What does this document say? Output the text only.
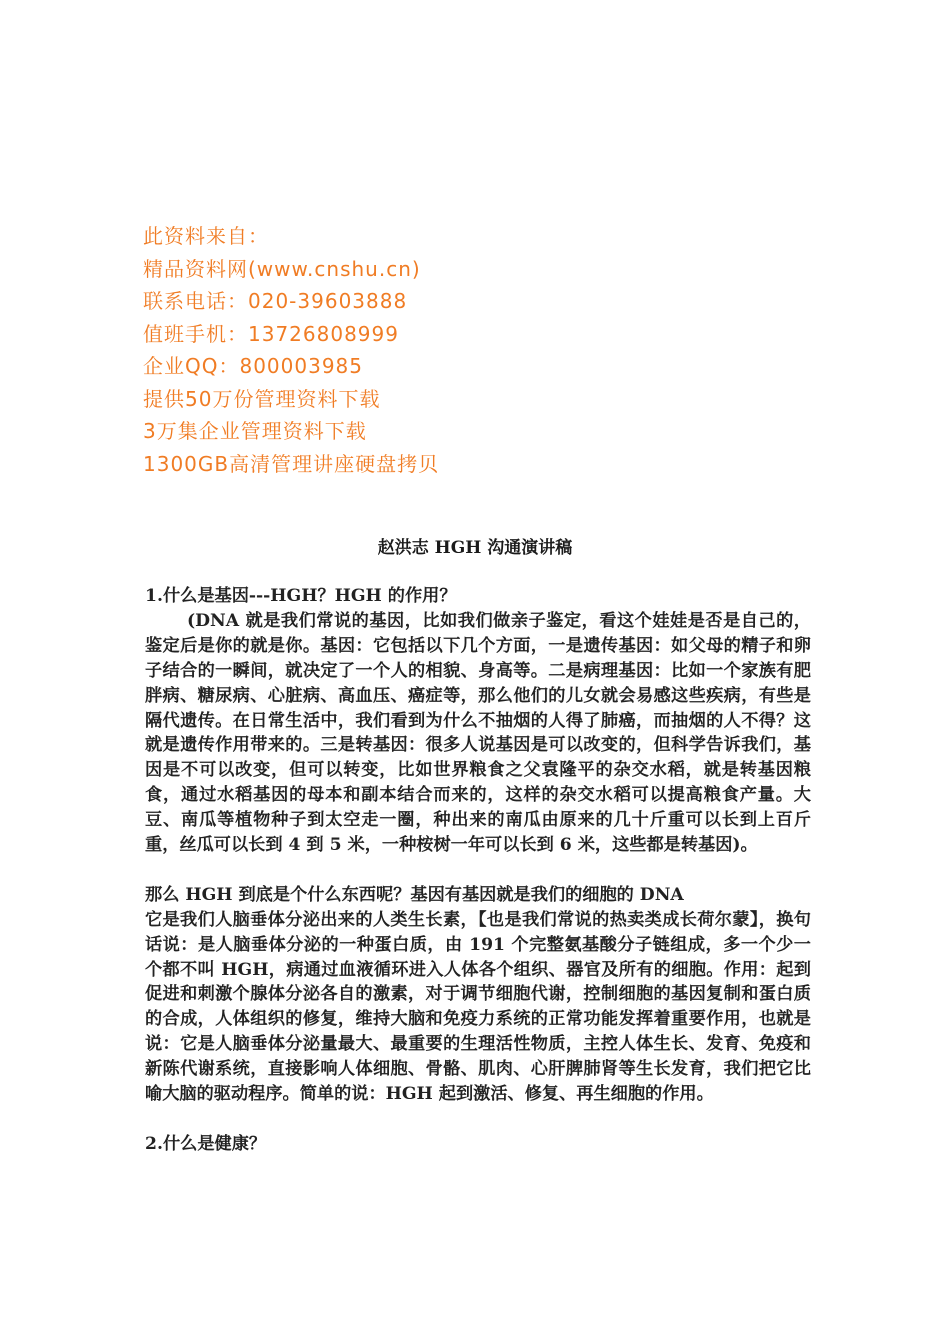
此资料来自：
精品资料网(www.cnshu.cn)
联系电话：020-39603888
值班手机：13726808999
企业QQ：800003985
提供50万份管理资料下载
3万集企业管理资料下载
1300GB高清管理讲座硬盘拷贝
赵洪志 HGH 沟通演讲稿

1.什么是基因---HGH？HGH 的作用？

(DNA 就是我们常说的基因，比如我们做亲子鉴定，看这个娃娃是否是自己的，鉴定后是你的就是你。基因：它包括以下几个方面，一是遗传基因：如父母的精子和卵子结合的一瞬间，就决定了一个人的相貌、身高等。二是病理基因：比如一个家族有肥胖病、糖尿病、心脏病、高血压、癌症等，那么他们的儿女就会易感这些疾病，有些是隔代遗传。在日常生活中，我们看到为什么不抽烟的人得了肺癌，而抽烟的人不得？这就是遗传作用带来的。三是转基因：很多人说基因是可以改变的，但科学告诉我们，基因是不可以改变，但可以转变，比如世界粮食之父袁隆平的杂交水稻，就是转基因粮食，通过水稻基因的母本和副本结合而来的，这样的杂交水稻可以提高粮食产量。大豆、南瓜等植物种子到太空走一圈，种出来的南瓜由原来的几十斤重可以长到上百斤重，丝瓜可以长到 4 到 5 米，一种桉树一年可以长到 6 米，这些都是转基因)。

那么 HGH 到底是个什么东西呢？基因有基因就是我们的细胞的 DNA

它是我们人脑垂体分泌出来的人类生长素，【也是我们常说的热卖类成长荷尔蒙】，换句话说：是人脑垂体分泌的一种蛋白质，由 191 个完整氨基酸分子链组成，多一个少一个都不叫 HGH，病通过血液循环进入人体各个组织、器官及所有的细胞。作用：起到促进和刺激个腺体分泌各自的激素，对于调节细胞代谢，控制细胞的基因复制和蛋白质的合成，人体组织的修复，维持大脑和免疫力系统的正常功能发挥着重要作用，也就是说：它是人脑垂体分泌量最大、最重要的生理活性物质，主控人体生长、发育、免疫和新陈代谢系统，直接影响人体细胞、骨骼、肌肉、心肝脾肺肾等生长发育，我们把它比喻大脑的驱动程序。简单的说：HGH 起到激活、修复、再生细胞的作用。

2.什么是健康？
